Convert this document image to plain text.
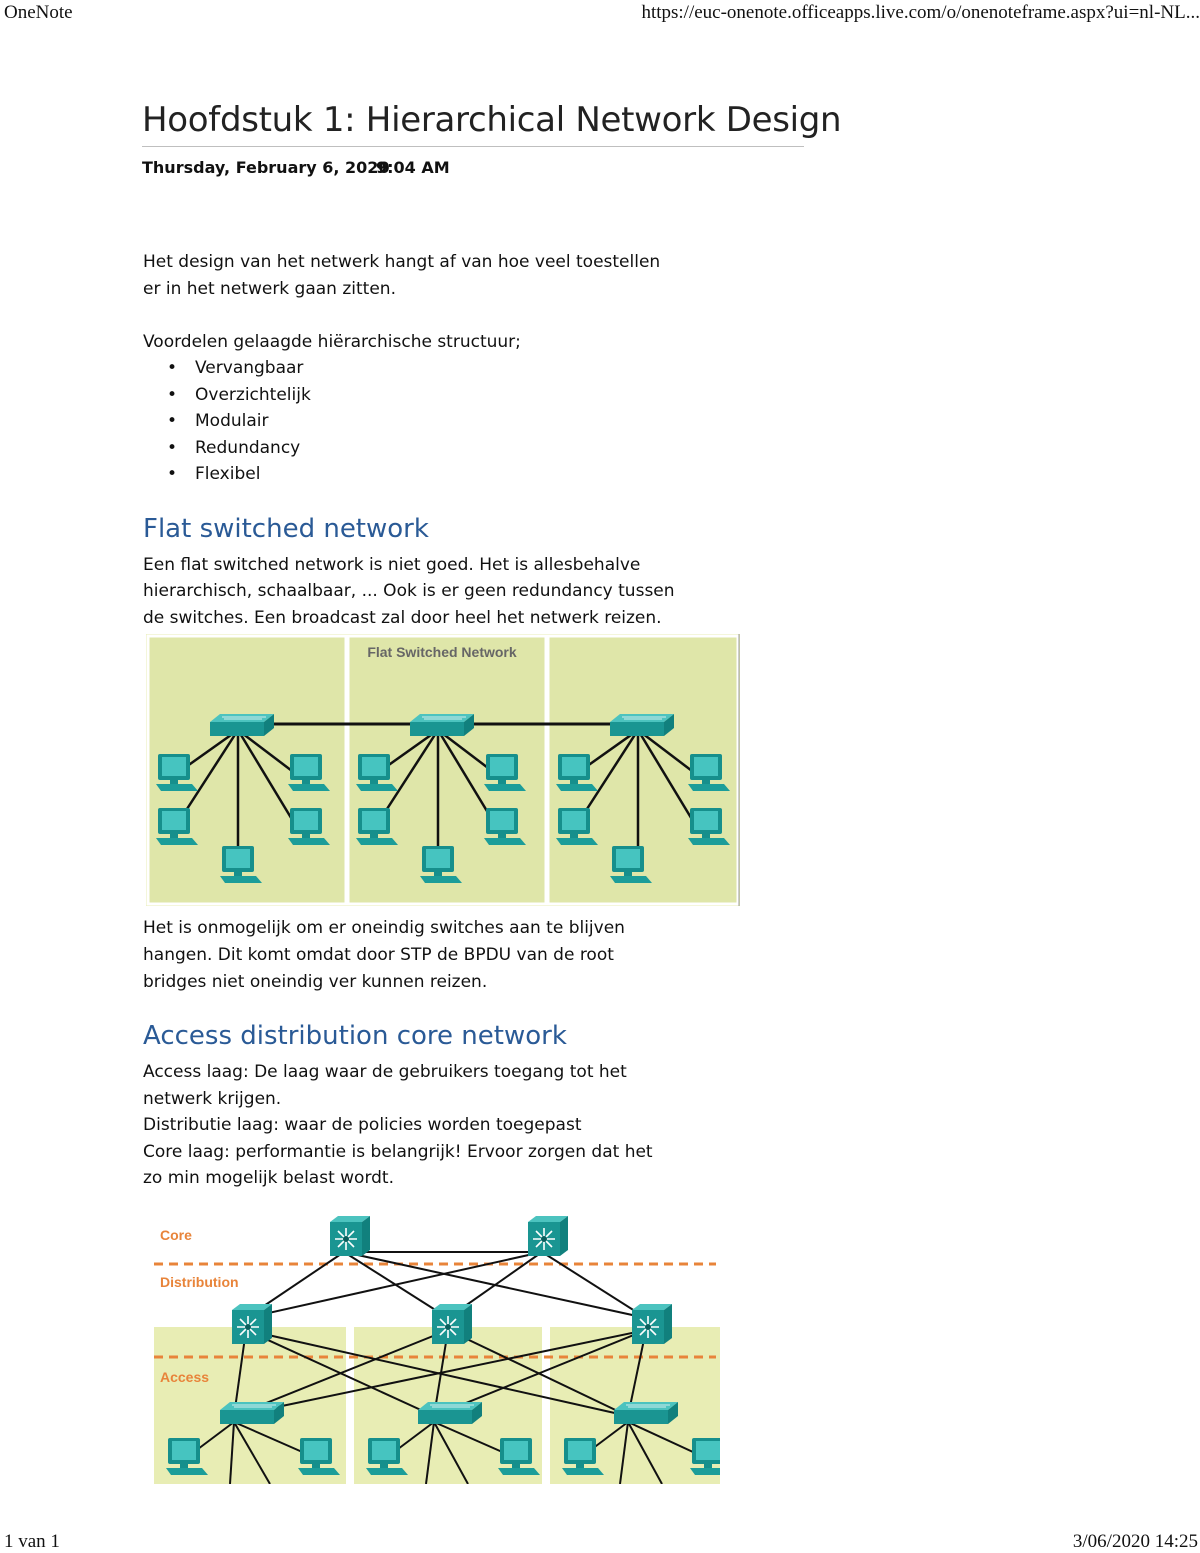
OneNote	https://euc-onenote.officeapps.live.com/o/onenoteframe.aspx?ui=nl-NL...
Hoofdstuk 1: Hierarchical Network Design
Thursday, February 6, 2020
9:04 AM
Het design van het netwerk hangt af van hoe veel toestellen
er in het netwerk gaan zitten.
Voordelen gelaagde hiërarchische structuur;
• Vervangbaar
• Overzichtelijk
• Modulair
• Redundancy
• Flexibel
Flat switched network
Een flat switched network is niet goed. Het is allesbehalve
hierarchisch, schaalbaar, ... Ook is er geen redundancy tussen
de switches. Een broadcast zal door heel het netwerk reizen.
Flat Switched Network
Het is onmogelijk om er oneindig switches aan te blijven
hangen. Dit komt omdat door STP de BPDU van de root
bridges niet oneindig ver kunnen reizen.
Access distribution core network
Access laag: De laag waar de gebruikers toegang tot het
netwerk krijgen.
Distributie laag: waar de policies worden toegepast
Core laag: performantie is belangrijk! Ervoor zorgen dat het
zo min mogelijk belast wordt.
Core
Distribution
Access
1 van 1	3/06/2020 14:25
